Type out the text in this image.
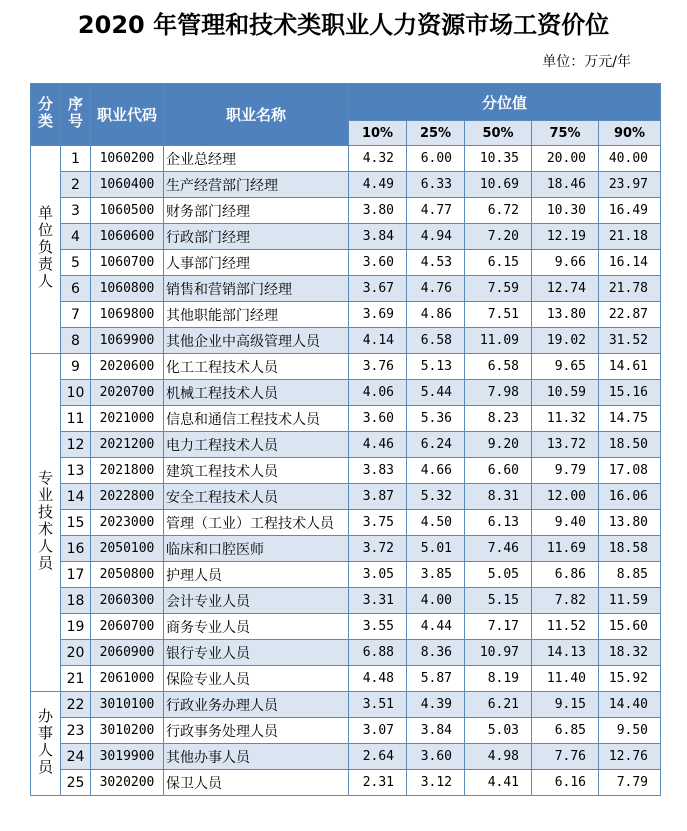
2020 年管理和技术类职业人力资源市场工资价位
单位：万元/年
分类	序号	职业代码	职业名称	分位值				
				10%	25%	50%	75%	90%
单位负责人	1	1060200	企业总经理	4.32	6.00	10.35	20.00	40.00
	2	1060400	生产经营部门经理	4.49	6.33	10.69	18.46	23.97
	3	1060500	财务部门经理	3.80	4.77	6.72	10.30	16.49
	4	1060600	行政部门经理	3.84	4.94	7.20	12.19	21.18
	5	1060700	人事部门经理	3.60	4.53	6.15	9.66	16.14
	6	1060800	销售和营销部门经理	3.67	4.76	7.59	12.74	21.78
	7	1069800	其他职能部门经理	3.69	4.86	7.51	13.80	22.87
	8	1069900	其他企业中高级管理人员	4.14	6.58	11.09	19.02	31.52
专业技术人员	9	2020600	化工工程技术人员	3.76	5.13	6.58	9.65	14.61
	10	2020700	机械工程技术人员	4.06	5.44	7.98	10.59	15.16
	11	2021000	信息和通信工程技术人员	3.60	5.36	8.23	11.32	14.75
	12	2021200	电力工程技术人员	4.46	6.24	9.20	13.72	18.50
	13	2021800	建筑工程技术人员	3.83	4.66	6.60	9.79	17.08
	14	2022800	安全工程技术人员	3.87	5.32	8.31	12.00	16.06
	15	2023000	管理（工业）工程技术人员	3.75	4.50	6.13	9.40	13.80
	16	2050100	临床和口腔医师	3.72	5.01	7.46	11.69	18.58
	17	2050800	护理人员	3.05	3.85	5.05	6.86	8.85
	18	2060300	会计专业人员	3.31	4.00	5.15	7.82	11.59
	19	2060700	商务专业人员	3.55	4.44	7.17	11.52	15.60
	20	2060900	银行专业人员	6.88	8.36	10.97	14.13	18.32
	21	2061000	保险专业人员	4.48	5.87	8.19	11.40	15.92
办事人员	22	3010100	行政业务办理人员	3.51	4.39	6.21	9.15	14.40
	23	3010200	行政事务处理人员	3.07	3.84	5.03	6.85	9.50
	24	3019900	其他办事人员	2.64	3.60	4.98	7.76	12.76
	25	3020200	保卫人员	2.31	3.12	4.41	6.16	7.79
